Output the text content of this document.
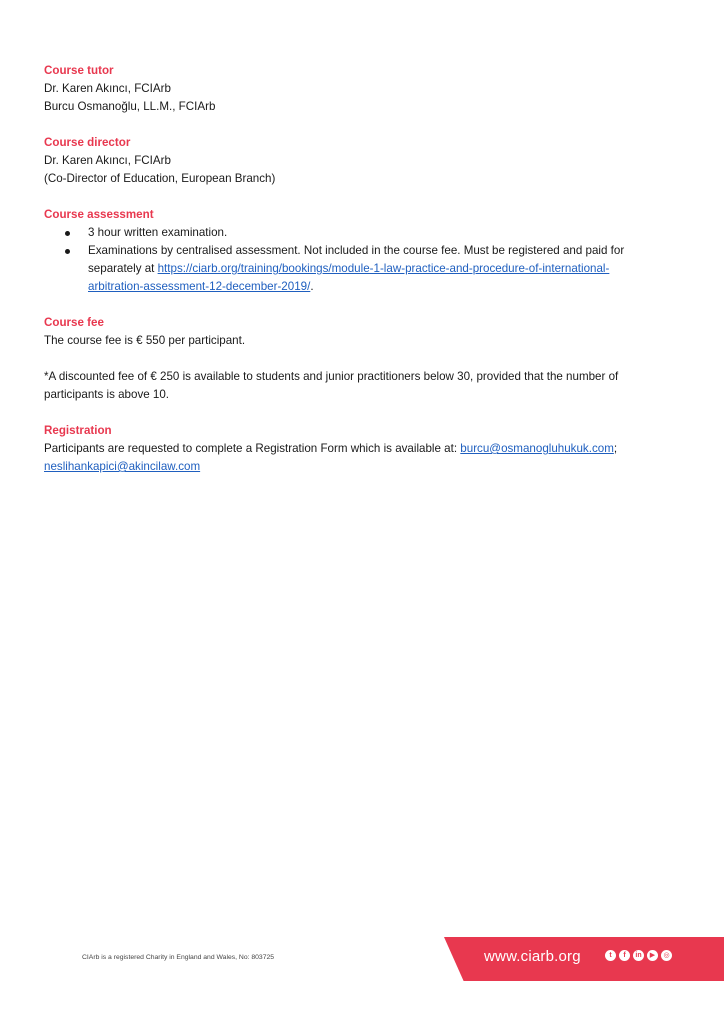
Course tutor
Dr. Karen Akıncı, FCIArb
Burcu Osmanoğlu, LL.M., FCIArb
Course director
Dr. Karen Akıncı, FCIArb
(Co-Director of Education, European Branch)
Course assessment
3 hour written examination.
Examinations by centralised assessment. Not included in the course fee. Must be registered and paid for
separately at https://ciarb.org/training/bookings/module-1-law-practice-and-procedure-of-international-
arbitration-assessment-12-december-2019/.
Course fee
The course fee is € 550 per participant.
*A discounted fee of € 250 is available to students and junior practitioners below 30, provided that the number of
participants is above 10.
Registration
Participants are requested to complete a Registration Form which is available at: burcu@osmanogluhukuk.com;
neslihankapici@akincilaw.com
CIArb is a registered Charity in England and Wales, No: 803725	www.ciarb.org	t	f	in	▶	◎
